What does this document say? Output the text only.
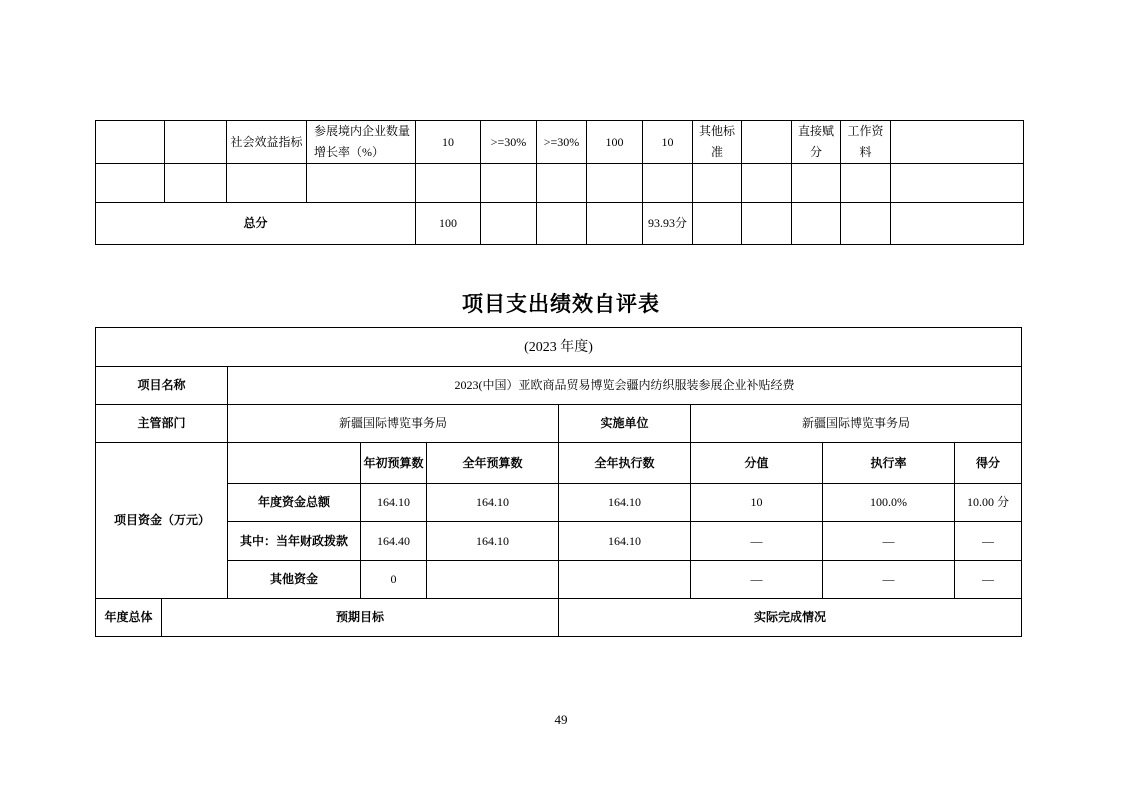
		社会效益指标	参展境内企业数量增长率（%）	10	>=30%	>=30%	100	10	其他标准		直接赋分	工作资料	

总分				100				93.93分					
项目支出绩效自评表
(2023 年度)								
项目名称		2023(中国）亚欧商品贸易博览会疆内纺织服装参展企业补贴经费						
主管部门		新疆国际博览事务局			实施单位	新疆国际博览事务局		
项目资金（万元）			年初预算数	全年预算数	全年执行数	分值	执行率	得分
		年度资金总额	164.10	164.10	164.10	10	100.0%	10.00 分
		其中：当年财政拨款	164.40	164.10	164.10	—	—	—
		其他资金	0			—	—	—
年度总体	预期目标				实际完成情况			
49
